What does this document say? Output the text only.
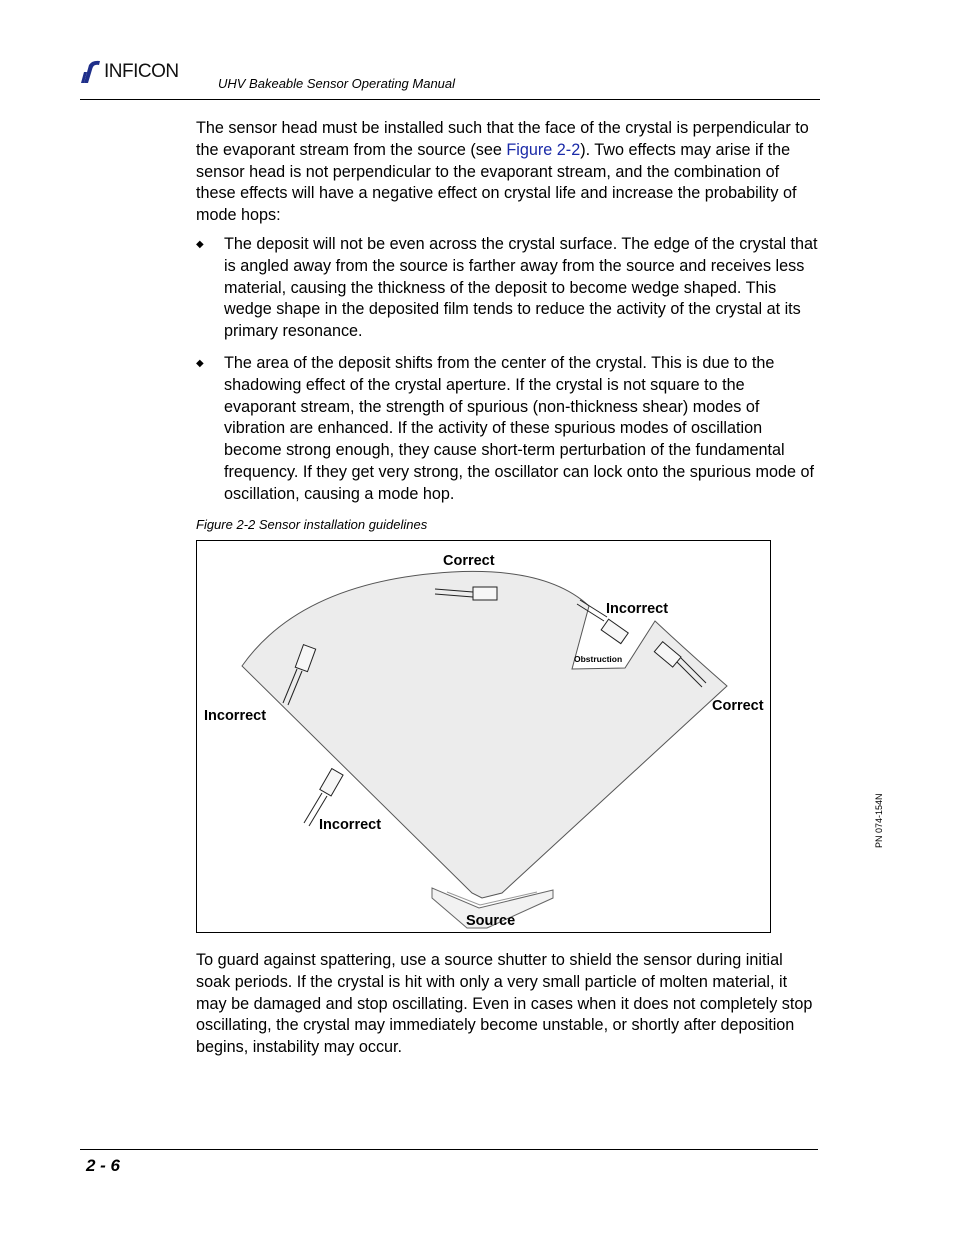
INFICON
UHV Bakeable Sensor Operating Manual
The sensor head must be installed such that the face of the crystal is perpendicular to the evaporant stream from the source (see Figure 2-2). Two effects may arise if the sensor head is not perpendicular to the evaporant stream, and the combination of these effects will have a negative effect on crystal life and increase the probability of mode hops:
◆ The deposit will not be even across the crystal surface. The edge of the crystal that is angled away from the source is farther away from the source and receives less material, causing the thickness of the deposit to become wedge shaped. This wedge shape in the deposited film tends to reduce the activity of the crystal at its primary resonance.
◆ The area of the deposit shifts from the center of the crystal. This is due to the shadowing effect of the crystal aperture. If the crystal is not square to the evaporant stream, the strength of spurious (non-thickness shear) modes of vibration are enhanced. If the activity of these spurious modes of oscillation become strong enough, they cause short-term perturbation of the fundamental frequency. If they get very strong, the oscillator can lock onto the spurious mode of oscillation, causing a mode hop.
Figure 2-2 Sensor installation guidelines
Correct
Incorrect
Correct
Incorrect
Incorrect
Source
Obstruction
To guard against spattering, use a source shutter to shield the sensor during initial soak periods. If the crystal is hit with only a very small particle of molten material, it may be damaged and stop oscillating. Even in cases when it does not completely stop oscillating, the crystal may immediately become unstable, or shortly after deposition begins, instability may occur.
PN 074-154N
2 - 6
